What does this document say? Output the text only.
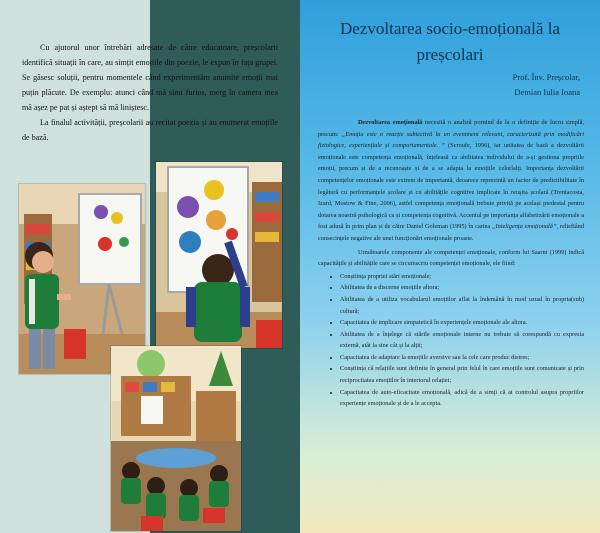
Cu ajutorul unor întrebări adresate de către educatoare, preșcolarii identifică situații în care, au simțit emoțiile din poezie, le expun în fața grupei. Se găsesc soluții, pentru momentele când experimentăm anumite emoții mai puțin plăcute. De exemplu: atunci când mă simt furios, merg în camera mea mă așez pe pat și aștept să mă liniștesc.

La finalul activității, preșcolarii au recitat poezia și au enumerat emoțiile de bază.

Dezvoltarea socio-emoțională la preșcolari
Prof. Înv. Preșcolar,
Demian Iulia Ioana

Dezvoltarea emoțională necesită o analiză pornind de la o definiție de lucru simplă, precum: „Emoția este o reacție subiectivă la un eveniment relevant, caracterizată prin modificări fiziologice, experiențiale și comportamentale. ” (Scroufe, 1996), iar unitatea de bază a dezvoltării emoționale este competența emoțională, înțeleasă ca abilitatea individului de a-și gestiona propriile emoții, precum și de a recunoaște și de a se adapta la emoțiile celorlalți. Importanța dezvoltării competențelor emoționale este extrem de importantă, deoarece reprezintă un factor de predictibilitate în legătură cu performanțele școlare și cu abilitățile cognitive implicate în reușita școlară (Trentacosta, Izard, Mostow & Fine, 2006), astfel competența emoțională trebuie privită pe același piedestal pentru dotarea noastră psihologică ca și competența cognitivă. Accentul pe importanța alfabetizării emoționale a fost adusă în prim plan și de către Daniel Goleman (1995) în cartea „Inteligența emoțională”, relieftând consecințele negative ale unei funcționări emoționale proaste.

Următoarele componente ale competenței emoționale, conform lui Saarni (1999) indică capacitățile și abilitățile care se circumscriu competenței emoționale, ele fiind:

• Conștiința propriei stări emoționale;
• Abilitatea de a discerne emoțiile altora;
• Abilitatea de a utiliza vocabularul emoțiilor aflat la îndemână în mod uzual în propria(sub) cultură;
• Capacitatea de implicare simpatetică în experiențele emoționale ale altora.
• Abilitatea de a înțelege că stările emoționale interne nu trebuie să corespundă cu expresia externă, atât la sine cât și la alții;
• Capacitatea de adaptare la emoțiile aversive sau la cele care produc distres;
• Conștiința că relațiile sunt definite în general prin felul în care emoțiile sunt comunicate și prin reciprocitatea emoțiilor în interiorul relației;
• Capacitatea de auto-eficacitate emoțională, adică de a simți că ai controlul asupra propriilor experiențe emoționale și de a le accepta.
